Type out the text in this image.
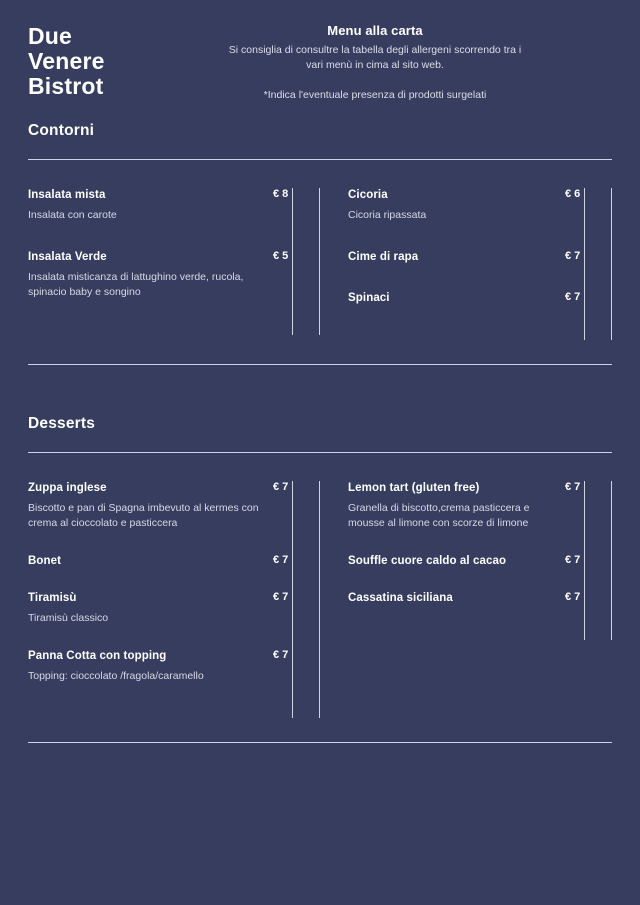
Due
Venere
Bistrot
Menu alla carta
Si consiglia di consultre la tabella degli allergeni scorrendo tra i vari menù in cima al sito web.
*Indica l'eventuale presenza di prodotti surgelati
Contorni
Insalata mista	€ 8
Insalata con carote
Insalata Verde	€ 5
Insalata misticanza di lattughino verde, rucola, spinacio baby e songino
Cicoria	€ 6
Cicoria ripassata
Cime di rapa	€ 7
Spinaci	€ 7
Desserts
Zuppa inglese	€ 7
Biscotto e pan di Spagna imbevuto al kermes con crema al cioccolato e pasticcera
Bonet	€ 7
Tiramisù	€ 7
Tiramisù classico
Panna Cotta con topping	€ 7
Topping: cioccolato /fragola/caramello
Lemon tart (gluten free)	€ 7
Granella di biscotto,crema pasticcera e mousse al limone con scorze di limone
Souffle cuore caldo al cacao	€ 7
Cassatina siciliana	€ 7
